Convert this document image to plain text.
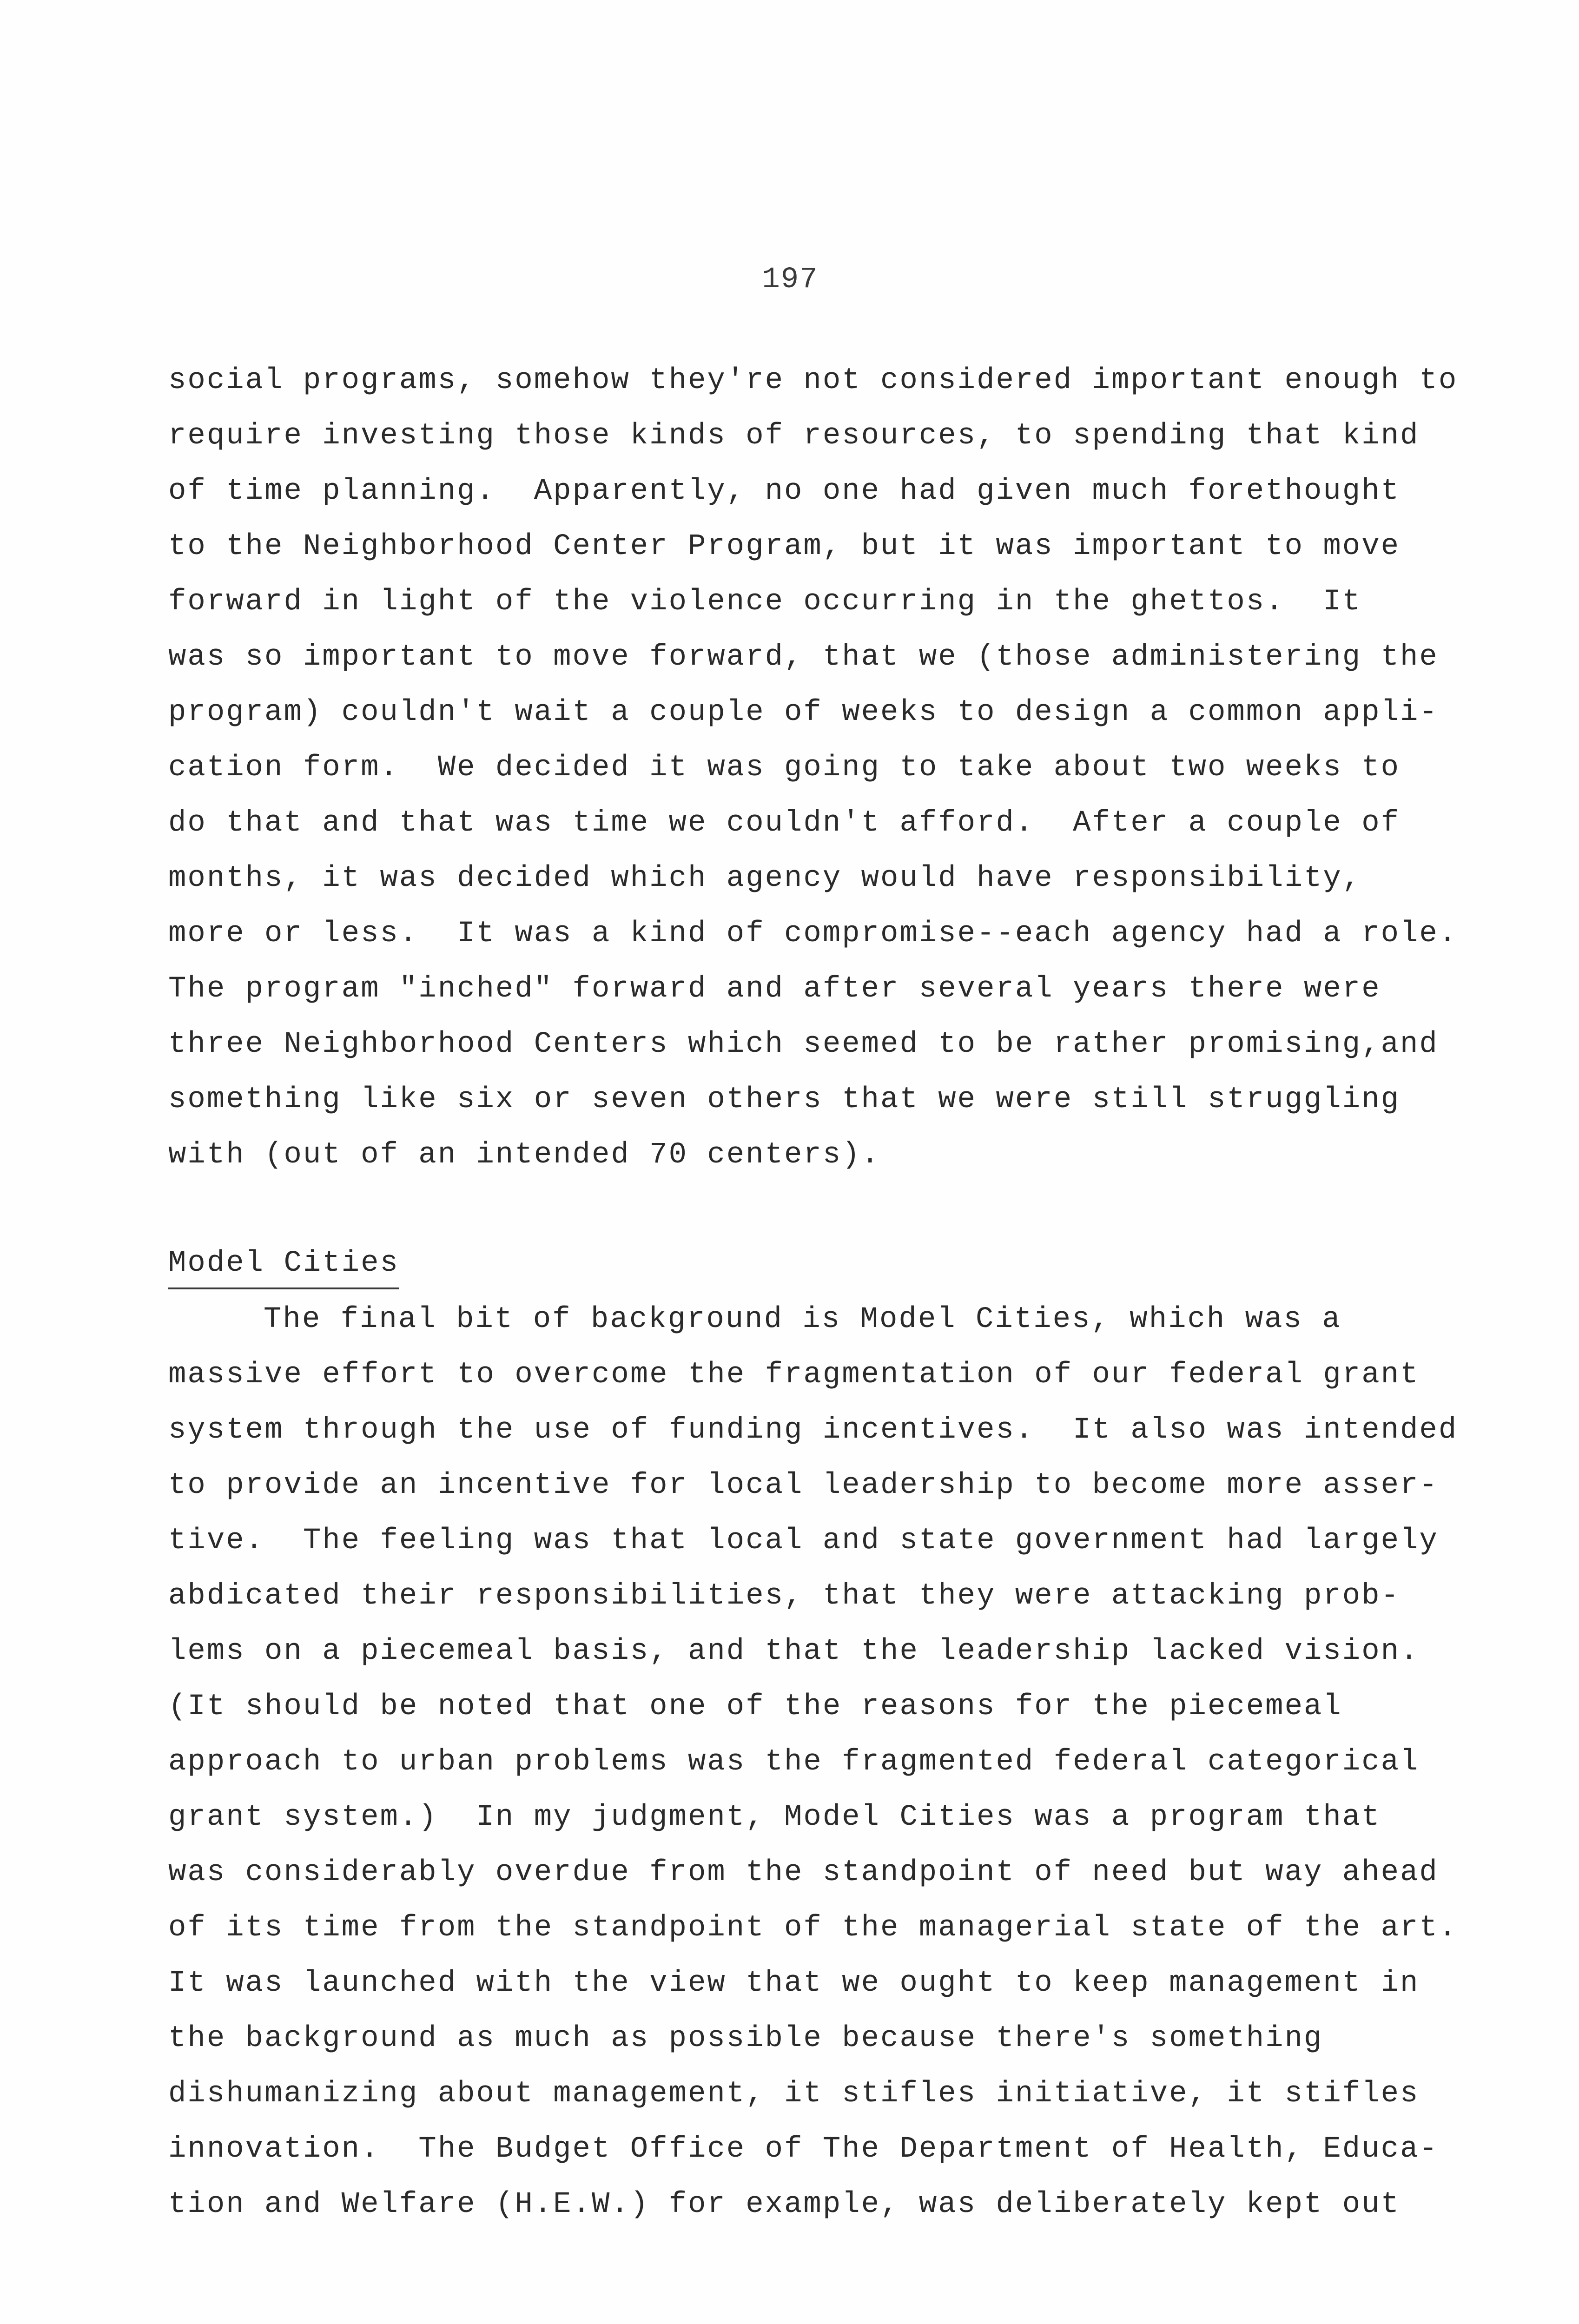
197
social programs, somehow they're not considered important enough to
require investing those kinds of resources, to spending that kind
of time planning.  Apparently, no one had given much forethought
to the Neighborhood Center Program, but it was important to move
forward in light of the violence occurring in the ghettos.  It
was so important to move forward, that we (those administering the
program) couldn't wait a couple of weeks to design a common appli-
cation form.  We decided it was going to take about two weeks to
do that and that was time we couldn't afford.  After a couple of
months, it was decided which agency would have responsibility,
more or less.  It was a kind of compromise--each agency had a role.
The program "inched" forward and after several years there were
three Neighborhood Centers which seemed to be rather promising,and
something like six or seven others that we were still struggling
with (out of an intended 70 centers).
Model Cities
The final bit of background is Model Cities, which was a
massive effort to overcome the fragmentation of our federal grant
system through the use of funding incentives.  It also was intended
to provide an incentive for local leadership to become more asser-
tive.  The feeling was that local and state government had largely
abdicated their responsibilities, that they were attacking prob-
lems on a piecemeal basis, and that the leadership lacked vision.
(It should be noted that one of the reasons for the piecemeal
approach to urban problems was the fragmented federal categorical
grant system.)  In my judgment, Model Cities was a program that
was considerably overdue from the standpoint of need but way ahead
of its time from the standpoint of the managerial state of the art.
It was launched with the view that we ought to keep management in
the background as much as possible because there's something
dishumanizing about management, it stifles initiative, it stifles
innovation.  The Budget Office of The Department of Health, Educa-
tion and Welfare (H.E.W.) for example, was deliberately kept out
